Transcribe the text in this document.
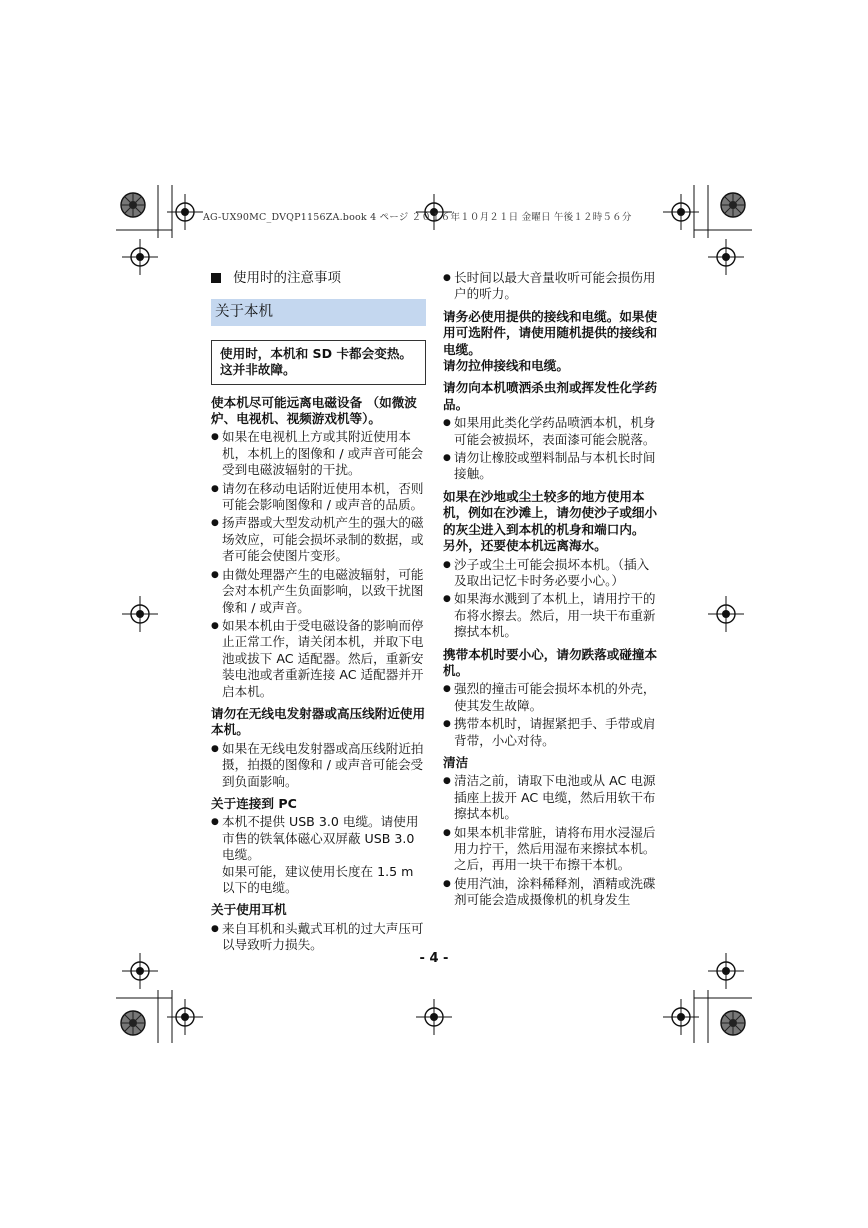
AG-UX90MC_DVQP1156ZA.book 4 ページ ２０１６年１０月２１日 金曜日 午後１２時５６分
使用时的注意事项
关于本机
使用时，本机和 SD 卡都会变热。这并非故障。
使本机尽可能远离电磁设备 （如微波炉、电视机、视频游戏机等）。
● 如果在电视机上方或其附近使用本机，本机上的图像和 / 或声音可能会受到电磁波辐射的干扰。
● 请勿在移动电话附近使用本机，否则可能会影响图像和 / 或声音的品质。
● 扬声器或大型发动机产生的强大的磁场效应，可能会损坏录制的数据，或者可能会使图片变形。
● 由微处理器产生的电磁波辐射，可能会对本机产生负面影响，以致干扰图像和 / 或声音。
● 如果本机由于受电磁设备的影响而停止正常工作，请关闭本机，并取下电池或拔下 AC 适配器。然后，重新安装电池或者重新连接 AC 适配器并开启本机。
请勿在无线电发射器或高压线附近使用本机。
● 如果在无线电发射器或高压线附近拍摄，拍摄的图像和 / 或声音可能会受到负面影响。
关于连接到 PC
● 本机不提供 USB 3.0 电缆。请使用市售的铁氧体磁心双屏蔽 USB 3.0 电缆。
如果可能，建议使用长度在 1.5 m 以下的电缆。
关于使用耳机
● 来自耳机和头戴式耳机的过大声压可以导致听力损失。
● 长时间以最大音量收听可能会损伤用户的听力。
请务必使用提供的接线和电缆。如果使用可选附件，请使用随机提供的接线和电缆。
请勿拉伸接线和电缆。
请勿向本机喷洒杀虫剂或挥发性化学药品。
● 如果用此类化学药品喷洒本机，机身可能会被损坏，表面漆可能会脱落。
● 请勿让橡胶或塑料制品与本机长时间接触。
如果在沙地或尘土较多的地方使用本机，例如在沙滩上，请勿使沙子或细小的灰尘进入到本机的机身和端口内。
另外，还要使本机远离海水。
● 沙子或尘土可能会损坏本机。（插入及取出记忆卡时务必要小心。）
● 如果海水溅到了本机上，请用拧干的布将水擦去。然后，用一块干布重新擦拭本机。
携带本机时要小心，请勿跌落或碰撞本机。
● 强烈的撞击可能会损坏本机的外壳，使其发生故障。
● 携带本机时，请握紧把手、手带或肩背带，小心对待。
清洁
● 清洁之前，请取下电池或从 AC 电源插座上拔开 AC 电缆，然后用软干布擦拭本机。
● 如果本机非常脏，请将布用水浸湿后用力拧干，然后用湿布来擦拭本机。之后，再用一块干布擦干本机。
● 使用汽油，涂料稀释剂，酒精或洗碟剂可能会造成摄像机的机身发生
- 4 -
